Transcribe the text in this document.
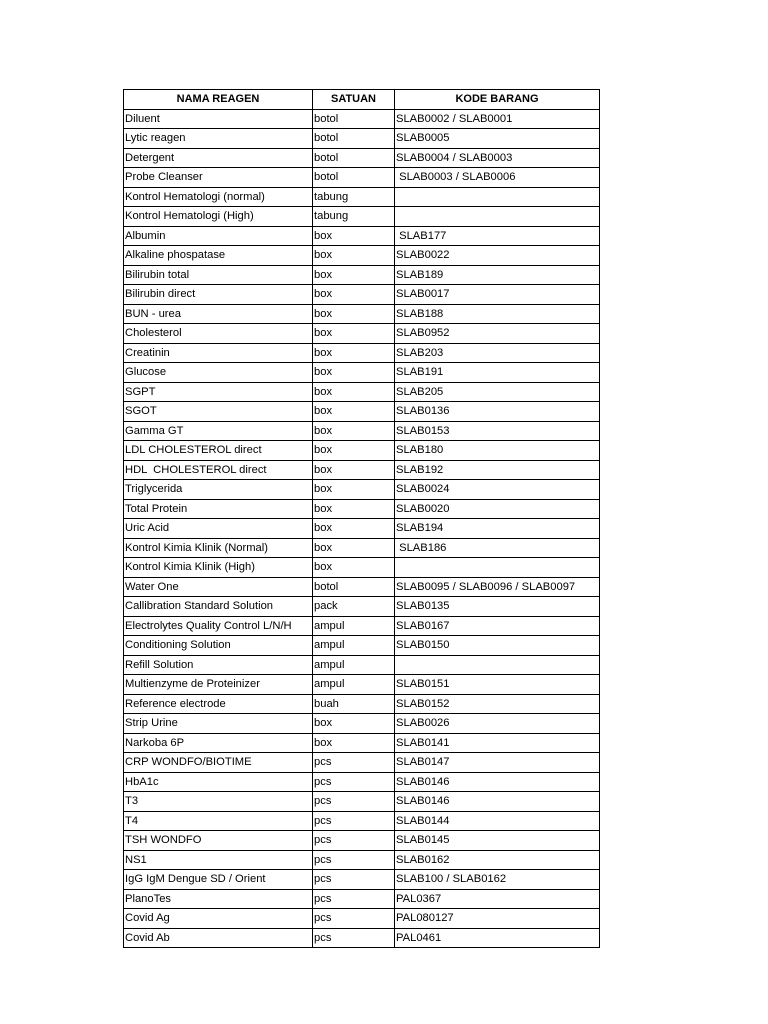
NAMA REAGEN	SATUAN	KODE BARANG
Diluent	botol	SLAB0002 / SLAB0001
Lytic reagen	botol	SLAB0005
Detergent	botol	SLAB0004 / SLAB0003
Probe Cleanser	botol	SLAB0003 / SLAB0006
Kontrol Hematologi (normal)	tabung	
Kontrol Hematologi (High)	tabung	
Albumin	box	SLAB177
Alkaline phospatase	box	SLAB0022
Bilirubin total	box	SLAB189
Bilirubin direct	box	SLAB0017
BUN - urea	box	SLAB188
Cholesterol	box	SLAB0952
Creatinin	box	SLAB203
Glucose	box	SLAB191
SGPT	box	SLAB205
SGOT	box	SLAB0136
Gamma GT	box	SLAB0153
LDL CHOLESTEROL direct	box	SLAB180
HDL  CHOLESTEROL direct	box	SLAB192
Triglycerida	box	SLAB0024
Total Protein	box	SLAB0020
Uric Acid	box	SLAB194
Kontrol Kimia Klinik (Normal)	box	SLAB186
Kontrol Kimia Klinik (High)	box	
Water One	botol	SLAB0095 / SLAB0096 / SLAB0097
Callibration Standard Solution	pack	SLAB0135
Electrolytes Quality Control L/N/H	ampul	SLAB0167
Conditioning Solution	ampul	SLAB0150
Refill Solution	ampul	
Multienzyme de Proteinizer	ampul	SLAB0151
Reference electrode	buah	SLAB0152
Strip Urine	box	SLAB0026
Narkoba 6P	box	SLAB0141
CRP WONDFO/BIOTIME	pcs	SLAB0147
HbA1c	pcs	SLAB0146
T3	pcs	SLAB0146
T4	pcs	SLAB0144
TSH WONDFO	pcs	SLAB0145
NS1	pcs	SLAB0162
IgG IgM Dengue SD / Orient	pcs	SLAB100 / SLAB0162
PlanoTes	pcs	PAL0367
Covid Ag	pcs	PAL080127
Covid Ab	pcs	PAL0461
